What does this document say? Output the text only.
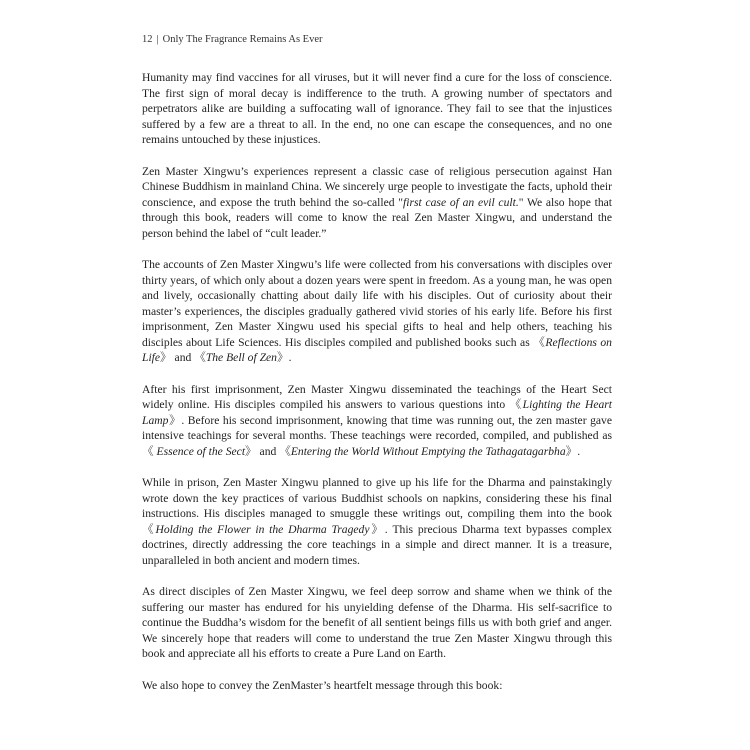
12 | Only The Fragrance Remains As Ever

Humanity may find vaccines for all viruses, but it will never find a cure for the loss of conscience. The first sign of moral decay is indifference to the truth. A growing number of spectators and perpetrators alike are building a suffocating wall of ignorance. They fail to see that the injustices suffered by a few are a threat to all. In the end, no one can escape the consequences, and no one remains untouched by these injustices.

Zen Master Xingwu’s experiences represent a classic case of religious persecution against Han Chinese Buddhism in mainland China. We sincerely urge people to investigate the facts, uphold their conscience, and expose the truth behind the so-called "first case of an evil cult." We also hope that through this book, readers will come to know the real Zen Master Xingwu, and understand the person behind the label of “cult leader.”

The accounts of Zen Master Xingwu’s life were collected from his conversations with disciples over thirty years, of which only about a dozen years were spent in freedom. As a young man, he was open and lively, occasionally chatting about daily life with his disciples. Out of curiosity about their master’s experiences, the disciples gradually gathered vivid stories of his early life. Before his first imprisonment, Zen Master Xingwu used his special gifts to heal and help others, teaching his disciples about Life Sciences. His disciples compiled and published books such as 《Reflections on Life》 and 《The Bell of Zen》.

After his first imprisonment, Zen Master Xingwu disseminated the teachings of the Heart Sect widely online. His disciples compiled his answers to various questions into 《Lighting the Heart Lamp》. Before his second imprisonment, knowing that time was running out, the zen master gave intensive teachings for several months. These teachings were recorded, compiled, and published as 《 Essence of the Sect》 and 《Entering the World Without Emptying the Tathagatagarbha》.

While in prison, Zen Master Xingwu planned to give up his life for the Dharma and painstakingly wrote down the key practices of various Buddhist schools on napkins, considering these his final instructions. His disciples managed to smuggle these writings out, compiling them into the book 《Holding the Flower in the Dharma Tragedy》. This precious Dharma text bypasses complex doctrines, directly addressing the core teachings in a simple and direct manner. It is a treasure, unparalleled in both ancient and modern times.

As direct disciples of Zen Master Xingwu, we feel deep sorrow and shame when we think of the suffering our master has endured for his unyielding defense of the Dharma. His self-sacrifice to continue the Buddha’s wisdom for the benefit of all sentient beings fills us with both grief and anger. We sincerely hope that readers will come to understand the true Zen Master Xingwu through this book and appreciate all his efforts to create a Pure Land on Earth.

We also hope to convey the ZenMaster’s heartfelt message through this book:
